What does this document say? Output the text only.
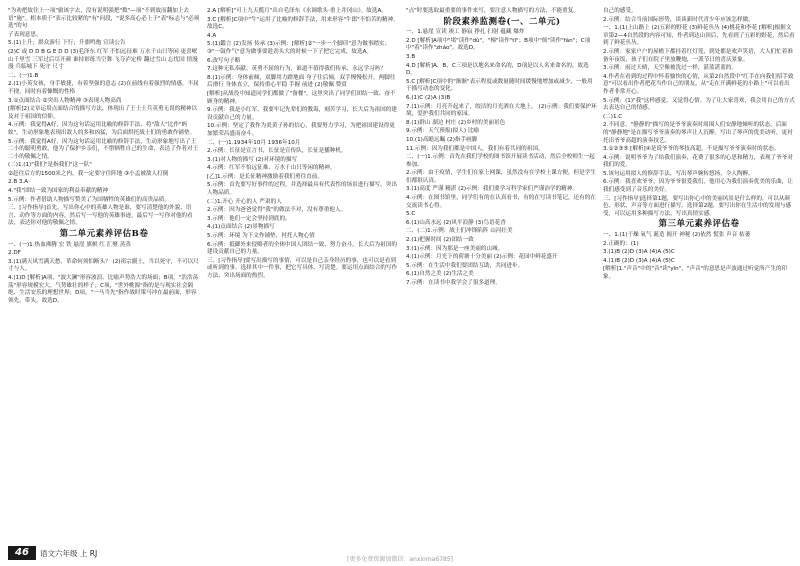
"为劝把故往上一项"旅该字去，没有说明强把"数"—项“不到故而翻加上去语”施"。相本质于"表示比较紧的"有"问段，"说多高心必上于"表"标志与"必须选"的句

子表现意思。

5.(1)上升；群众游行 下行；升旗鸣炮 宣读公告

(2)C 或 D D B G E D D (3)毛泽东 红军 不怕远征难 万水千山只等闲 更喜岷山千里雪 三军过后尽开颜 谁持彩练当空舞 飞夺泸定桥 翻过雪山 忘忧国 情漫漫 兵临城下 死守 尺寸

二、(一)1.B

2.(1)小英女孩，身手敏捷，有着坚强的意志 (2)在前线有着强烈的情感，不屈不挠，同时有着慷慨的性格

3.①点面结合 ②突出人物精神 ③表现人物高尚

[解析]2)文章运用点面结合的描写方法，体现出了王士士兵英勇无畏的精神以及对于祖国的信仰。

4.示例：我觉得A好，因为这句话运用比喻的修辞手法，将"敌人"比作"蚂蚁"，生动形象地表现出敌人的多和凶猛，为后面烘托战士们的勇敢作铺垫。

5.示例：我觉得A好，因为这句话运用比喻的修辞手法，生动形象地写出了王二小的聪明勇敢，他为了保护乡亲们，不惜牺牲自己的生命，表达了作者对王二小的敬佩之情。

(二)1.(1)"我们"是指我们"这一队"

②赶往后方的1500米之内，我一定要守住阵地 ③小孟被敌人打倒

2.B 3.A

4."我"团结一致为国家的利益奉献的精神

5.示例：作者借助人物描写赞美了为国牺牲的英雄们的高贵品质。

三、[习作指导]首先，写出你心中的英雄人物是谁，要写清楚他的外貌、语言、动作等方面的内容，然后写一写他的英雄事迹，最后写一写你对他的看法，表达你对他的敬佩之情。

第二单元素养评估B卷

一、(一)1.热血沸腾 宏 铁 悬崖 旗帜 红 汇聚 蒸蒸

2.DF

3.(1)满天风雪满天愁，革命何须怕断头？ (2)祖宗疆土，当以死守，不可以尺寸与人。

4.(1)D [解析]A项，"波大澜"形容波浪、比喻声势浩大的场面；B项，"浩浩荡荡"形容规模宏大、气势雄壮的样子；C项，"世外桃源"指的是与现实社会隔绝、生活安乐的理想世界；D项，"一马当先"指作战时策马冲在最前面，形容领先、带头。故选D。

2.A [解析]"可上九天揽月"出自毛泽东《水调歌头·重上井冈山》。故选A。

3.C [解析]C项中"牛"运用了比喻的修辞手法，用来形容"牛郎"不怕苦的精神。故选C。

4.A

5.(1)鑑言 (2)发扬 传承 (3)示例：[解析]②"一步一个脚印"意为做事踏实；③"一鼓作气"意为做事要趁劲头大的时候一下子把它完成，故选A。

6.改写句子略

7.这种无私奉献、英勇不屈的行为，谁道不值得我们传承、永远学习吗？

8.(1)示例：身体前倾，双脚用力蹬地面 身子往后倾，双手慢慢松开，两脚往后滑行 身体直立，保持重心平稳 手握 前进 (2)敬佩 赞赏

[解析]从战役中知道同学们都做了"备餐"，这里突出了同学们团结一致、奋不顾身的精神。

9.示例：我是小红军，我要牢记先辈们的教诲，刻苦学习，长大后为祖国的建设贡献自己的力量。

10.示例：坚定了我作为炎黄子孙的信心，我要努力学习，为把祖国建设得更加繁荣昌盛而奋斗。

二、(一)1.1934年10月 1936年10月

2.示例：长征是宣言书，长征是宣传队，长征是播种机。

3.(1)对人物的描写 (2)对环境的描写

4.示例：红军不怕远征难、万水千山只等闲的精神。

[乙]1.示例：是长征精神激励着我们勇往直前。

5.示例：首先要写好事件的过程，并选择最具有代表性的场景进行描写，突出人物品质。

(二)1.开心 开心的人 严肃的人

2.示例：因为爸爸觉得"我"的做法不对，没有尊重他人。

3.示例：他们一定会坚持到底的。

4.(1)点面结合 (2)景物描写

5.示例：环境 为下文作铺垫，衬托人物心情

6.示例：抵御外来侵略者的全体中国人团结一致、努力奋斗，长大后为祖国的建设贡献自己的力量。

三、[习作指导]要写出描写的事情，可以是自己亲身经历的事，也可以是看到或听到的事。选择其中一件事，把它写具体、写清楚。要运用点面结合的写作方法，突出场面的热烈。

"点"时要选取最重要的事件来写，要注意人物描写的方法，不能重复。

阶段素养监测卷(一、二单元)

一、1.悬崖 宣读 竣工 静寂 挣扎 扫射 蕴藏 爆炸

2.D [解析]A项中"堵"读作"dǔ"，"梯"读作"tī"；B项中"烦"读作"fán"；C项中"着"读作"zháo"。故选D。

3.B

4.D [解析]A、B、C三项是以地名来命名的，D项是以人名来命名的。故选D。

5.C [解析]C项中的"渐渐"表示程度或数量随时间缓慢地增加或减少，一般用于描写动态的变化。

6.(1)C (2)A (3)B

7.(1)示例：月亮升起来了，皎洁的月光洒在大地上。 (2)示例：我们要保护环境，爱护我们共同的家园。

8.(1)群山 湖边 村庄 (2)乡村的美丽景色

9.示例：天气预报(拟人) 比喻

10.(1)高瞻远瞩 (2)指手画脚

11.示例：因为我们都是中国人，我们有着共同的祖国。

二、(一)1.示例：首先在我们学校的图书馆开展读书活动，然后全校师生一起参加。

2.示例：由于疫情，学生们在家上网课，虽然没有在学校上课方便，但是学生们都很认真。

3.(1)高度 严谨 精湛 (2)示例：我们要学习科学家们严谨治学的精神。

4.示例：在图书馆里，同学们有的在认真看书，有的在写读书笔记，还有的在交流读书心得。

5.C

6.(1)山高水远 (2)风平浪静 (3)鸟语花香

二、(二)1.示例：战士们冲锋陷阵 山河壮美

2.(1)把握时间 (2)团结一致

3.(1)示例：因为那是一座美丽的山城。

4.(1)示例：月光下的荷塘十分美丽 (2)示例：花园中鲜花盛开

5.示例：在生活中我们要团结互助，共同进步。

6.(1)自然之美 (2)生活之美

7.示例：在读书中我学会了很多道理。

自己的感受。

2.示例：结合当前国际形势，谈谈新时代青少年应该怎样做。

一、1.(1)上山路上 (2)五彩的野花 (3)鲜花丛丛 (4)桃花和李花 [解析]根据文章第2—4自然段的内容可知，作者到达山顶后，先看到了五彩的野花，然后看到了鲜花丛丛。

2.示例：家家户户的屋檐下都挂着红灯笼，到处都是欢声笑语，大人们忙着准备年夜饭，孩子们在院子里放鞭炮，一派节日的喜庆景象。

3.示例：雨过天晴，天空像被洗过一样，湛蓝湛蓝的。

4.作者在看到的过程中怀着愉快的心情，从第2自然段中"红手在向我们招手致意"可以看出作者把花当作自己的朋友，从"走在开满鲜花的小路上"可以看出作者非常开心。

5.示例：(1)"我"这样感觉，又觉得心情。为了让大家喜欢，我会用自己的方式去表达自己的情感。

(二)1.C

2.不同意。"静静的"描写的是爷爷演奏时周围人们安静地倾听的状态，后面的"静静地"是在描写爷爷演奏的琴声让人沉醉。写出了琴声的优美动听，更衬托出爷爷高超的演奏技艺。

3.①②③⑤ [解析]④是说爷爷的琴技高超，不是描写爷爷演奏时的状态。

4.示例：说明爷爷为了给我们演奏，花费了很多的心思和精力，表现了爷爷对我们的爱。

5.该句运用拟人的修辞手法，写出琴声婉转悠扬，令人陶醉。

6.示例：我喜欢爷爷，因为爷爷很爱我们，他用心为我们演奏优美的乐曲，让我们感受到了音乐的美好。

三、[习作指导]选择第1题，要写出你心中的美丽风景是什么样的，可以从颜色、形状、声音等方面进行描写。选择第2题，要写出你在生活中的发现与感受，可以运用多种描写方法，写出真情实感。

第三单元素养评估卷

一、1.(1)干燥 氧气 诞造 揭开 神秘 (2)依然 慌张 声音 枯萎

2.正确的：(1)

3.(1)B (2)D (3)A (4)A (5)C

4.(1)B (2)D (3)A (4)A (5)C

[解析]1."声音"中的"音"读"yīn"，"声音"的意思是声波通过听觉所产生的印象。

46	语文六年级 上 RJ
[更多免费资源加微信：anxinma6785]
